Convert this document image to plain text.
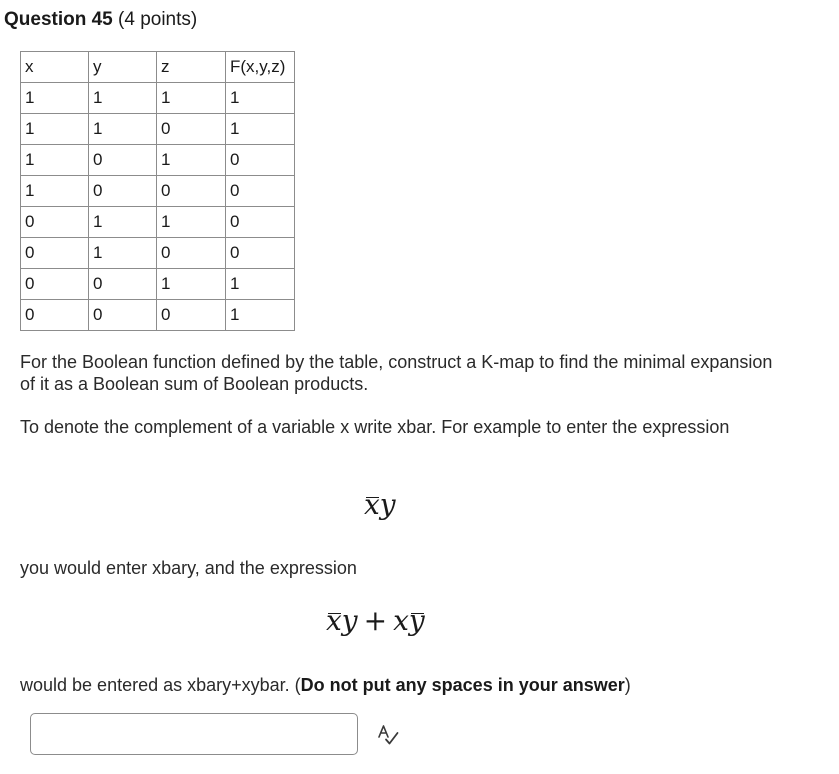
Question 45 (4 points)
x	y	z	F(x,y,z)
1	1	1	1
1	1	0	1
1	0	1	0
1	0	0	0
0	1	1	0
0	1	0	0
0	0	1	1
0	0	0	1
For the Boolean function defined by the table, construct a K-map to find the minimal expansion of it as a Boolean sum of Boolean products.
To denote the complement of a variable x write xbar. For example to enter the expression
xy
you would enter xbary, and the expression
xy + xy
would be entered as xbary+xybar. (Do not put any spaces in your answer)
